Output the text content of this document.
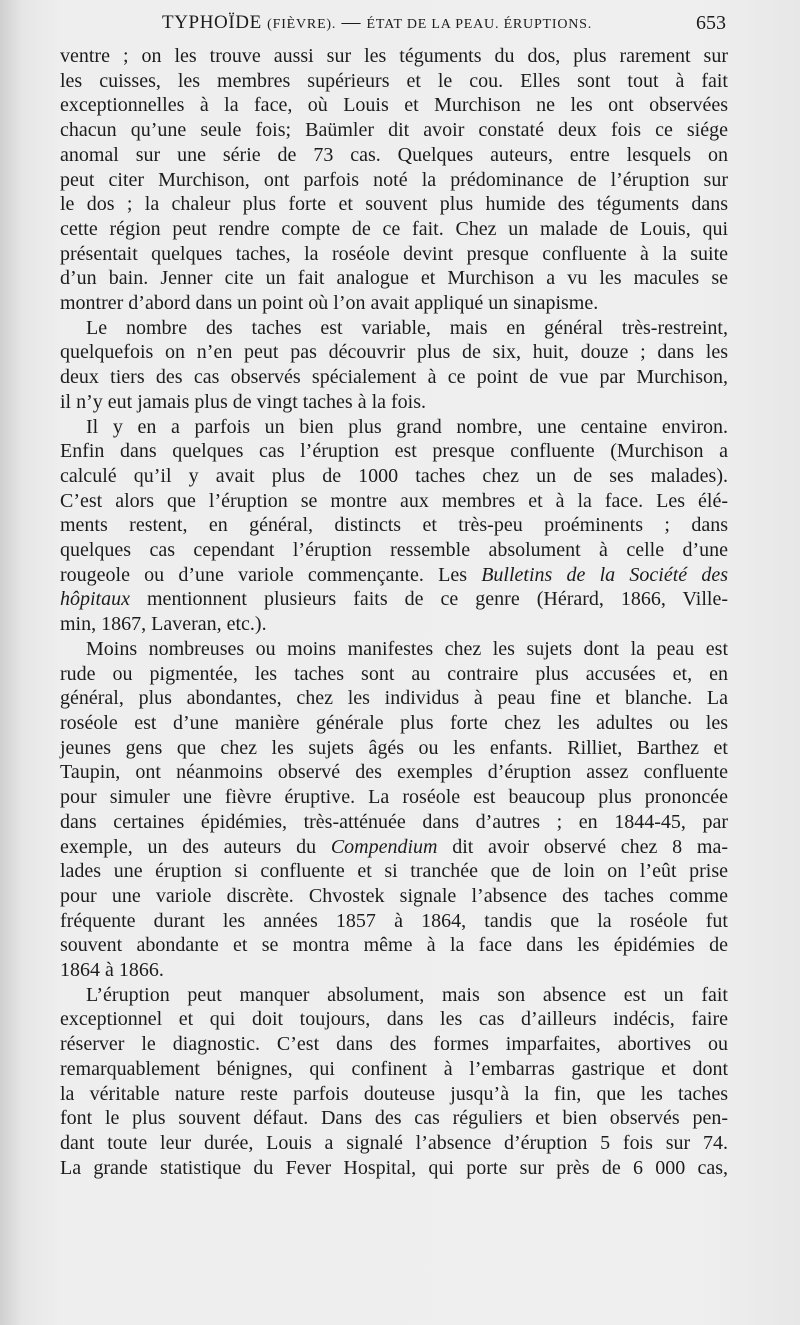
TYPHOÏDE (FIÈVRE). — ÉTAT DE LA PEAU. ÉRUPTIONS.	653

ventre ; on les trouve aussi sur les téguments du dos, plus rarement sur
les cuisses, les membres supérieurs et le cou. Elles sont tout à fait
exceptionnelles à la face, où Louis et Murchison ne les ont observées
chacun qu’une seule fois; Baümler dit avoir constaté deux fois ce siége
anomal sur une série de 73 cas. Quelques auteurs, entre lesquels on
peut citer Murchison, ont parfois noté la prédominance de l’éruption sur
le dos ; la chaleur plus forte et souvent plus humide des téguments dans
cette région peut rendre compte de ce fait. Chez un malade de Louis, qui
présentait quelques taches, la roséole devint presque confluente à la suite
d’un bain. Jenner cite un fait analogue et Murchison a vu les macules se
montrer d’abord dans un point où l’on avait appliqué un sinapisme.

Le nombre des taches est variable, mais en général très-restreint,
quelquefois on n’en peut pas découvrir plus de six, huit, douze ; dans les
deux tiers des cas observés spécialement à ce point de vue par Murchison,
il n’y eut jamais plus de vingt taches à la fois.

Il y en a parfois un bien plus grand nombre, une centaine environ.
Enfin dans quelques cas l’éruption est presque confluente (Murchison a
calculé qu’il y avait plus de 1000 taches chez un de ses malades).
C’est alors que l’éruption se montre aux membres et à la face. Les élé-
ments restent, en général, distincts et très-peu proéminents ; dans
quelques cas cependant l’éruption ressemble absolument à celle d’une
rougeole ou d’une variole commençante. Les Bulletins de la Société des
hôpitaux mentionnent plusieurs faits de ce genre (Hérard, 1866, Ville-
min, 1867, Laveran, etc.).

Moins nombreuses ou moins manifestes chez les sujets dont la peau est
rude ou pigmentée, les taches sont au contraire plus accusées et, en
général, plus abondantes, chez les individus à peau fine et blanche. La
roséole est d’une manière générale plus forte chez les adultes ou les
jeunes gens que chez les sujets âgés ou les enfants. Rilliet, Barthez et
Taupin, ont néanmoins observé des exemples d’éruption assez confluente
pour simuler une fièvre éruptive. La roséole est beaucoup plus prononcée
dans certaines épidémies, très-atténuée dans d’autres ; en 1844-45, par
exemple, un des auteurs du Compendium dit avoir observé chez 8 ma-
lades une éruption si confluente et si tranchée que de loin on l’eût prise
pour une variole discrète. Chvostek signale l’absence des taches comme
fréquente durant les années 1857 à 1864, tandis que la roséole fut
souvent abondante et se montra même à la face dans les épidémies de
1864 à 1866.

L’éruption peut manquer absolument, mais son absence est un fait
exceptionnel et qui doit toujours, dans les cas d’ailleurs indécis, faire
réserver le diagnostic. C’est dans des formes imparfaites, abortives ou
remarquablement bénignes, qui confinent à l’embarras gastrique et dont
la véritable nature reste parfois douteuse jusqu’à la fin, que les taches
font le plus souvent défaut. Dans des cas réguliers et bien observés pen-
dant toute leur durée, Louis a signalé l’absence d’éruption 5 fois sur 74.
La grande statistique du Fever Hospital, qui porte sur près de 6 000 cas,
